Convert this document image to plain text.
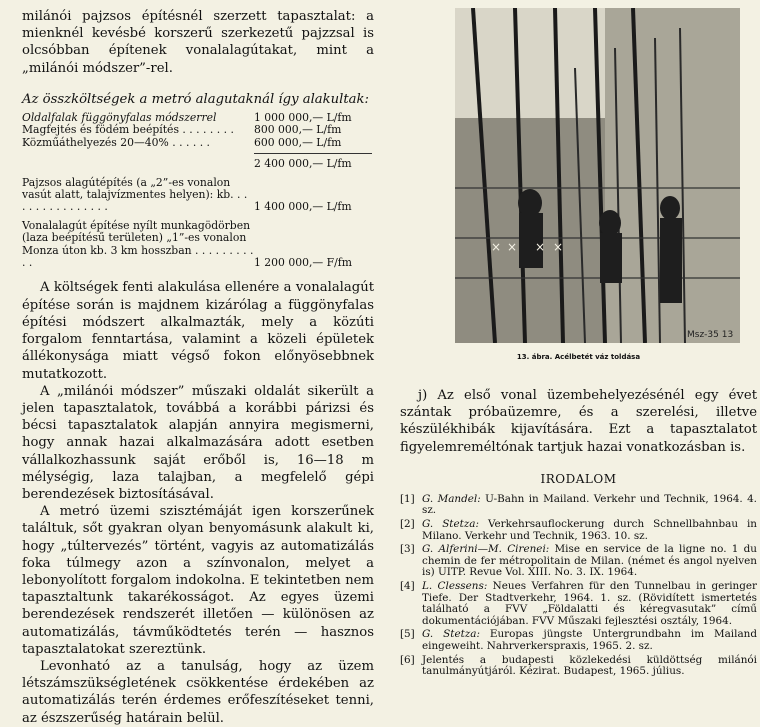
milánói pajzsos építésnél szerzett tapasztalat: a mienknél kevésbé korszerű szerkezetű pajzzsal is olcsóbban építenek vonalalagútakat, mint a „milánói módszer”-rel.

Az összköltségek a metró alagutaknál így alakultak:

Oldalfalak függönyfalas módszerrel	1 000 000,— L/fm
Magfejtés és födém beépítés . . . . . . . .	800 000,— L/fm
Közműáthelyezés 20—40% . . . . . .	600 000,— L/fm
2 400 000,— L/fm
Pajzsos alagútépítés (a „2”-es vonalon vasút alatt, talajvízmentes helyen): kb. . . . . . . . . . . . . . . .	1 400 000,— L/fm
Vonalalagút építése nyílt munkagödörben (laza beépítésű területen) „1”-es vonalon Monza úton kb. 3 km hosszban . . . . . . . . . . .	1 200 000,— F/fm

A költségek fenti alakulása ellenére a vonalalagút építése során is majdnem kizárólag a függönyfalas építési módszert alkalmazták, mely a közúti forgalom fenntartása, valamint a közeli épületek állékonysága miatt végső fokon előnyösebbnek mutatkozott.

A „milánói módszer” műszaki oldalát sikerült a jelen tapasztalatok, továbbá a korábbi párizsi és bécsi tapasztalatok alapján annyira megismerni, hogy annak hazai alkalmazására adott esetben vállalkozhassunk saját erőből is, 16—18 m mélységig, laza talajban, a megfelelő gépi berendezések biztosításával.

A metró üzemi szisztémáját igen korszerűnek találtuk, sőt gyakran olyan benyomásunk alakult ki, hogy „túltervezés” történt, vagyis az automatizálás foka túlmegy azon a színvonalon, melyet a lebonyolított forgalom indokolna. E tekintetben nem tapasztaltunk takarékosságot. Az egyes üzemi berendezések rendszerét illetően — különösen az automatizálás, távműködtetés terén — hasznos tapasztalatokat szereztünk.

Levonható az a tanulság, hogy az üzem létszámszükségletének csökkentése érdekében az automatizálás terén érdemes erőfeszítéseket tenni, az észszerűség határain belül.

× × × ×
Msz-35 13
13. ábra. Acélbetét váz toldása

j) Az első vonal üzembehelyezésénél egy évet szántak próbaüzemre, és a szerelési, illetve készülékhibák kijavítására. Ezt a tapasztalatot figyelemreméltónak tartjuk hazai vonatkozásban is.

IRODALOM
[1] G. Mandel: U-Bahn in Mailand. Verkehr und Technik, 1964. 4. sz.
[2] G. Stetza: Verkehrsauflockerung durch Schnellbahnbau in Milano. Verkehr und Technik, 1963. 10. sz.
[3] G. Alferini—M. Cirenei: Mise en service de la ligne no. 1 du chemin de fer métropolitain de Milan. (német és angol nyelven is) UITP. Revue Vol. XIII. No. 3. IX. 1964.
[4] L. Clessens: Neues Verfahren für den Tunnelbau in geringer Tiefe. Der Stadtverkehr, 1964. 1. sz. (Rövidített ismertetés található a FVV „Földalatti és kéregvasutak” című dokumentációjában. FVV Műszaki fejlesztési osztály, 1964.
[5] G. Stetza: Europas jüngste Untergrundbahn im Mailand eingeweiht. Nahrverkerspraxis, 1965. 2. sz.
[6] Jelentés a budapesti közlekedési küldöttség milánói tanulmányútjáról. Kézirat. Budapest, 1965. július.
